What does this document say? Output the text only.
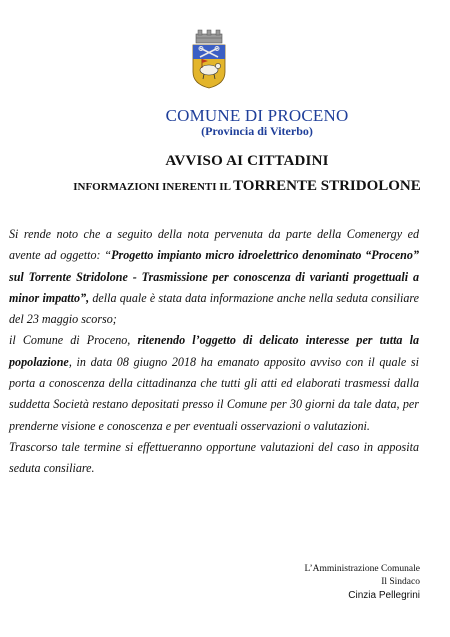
COMUNE DI PROCENO
(Provincia di Viterbo)
AVVISO AI CITTADINI
INFORMAZIONI INERENTI IL TORRENTE STRIDOLONE

Si rende noto che a seguito della nota pervenuta da parte della Comenergy ed avente ad oggetto: “Progetto impianto micro idroelettrico denominato “Proceno” sul Torrente Stridolone - Trasmissione per conoscenza di varianti progettuali a minor impatto”, della quale è stata data informazione anche nella seduta consiliare del 23 maggio scorso;

il Comune di Proceno, ritenendo l’oggetto di delicato interesse per tutta la popolazione, in data 08 giugno 2018 ha emanato apposito avviso con il quale si porta a conoscenza della cittadinanza che tutti gli atti ed elaborati trasmessi dalla suddetta Società restano depositati presso il Comune per 30 giorni da tale data, per prenderne visione e conoscenza e per eventuali osservazioni o valutazioni.

Trascorso tale termine si effettueranno opportune valutazioni del caso in apposita seduta consiliare.

L’Amministrazione Comunale
Il Sindaco
Cinzia Pellegrini
